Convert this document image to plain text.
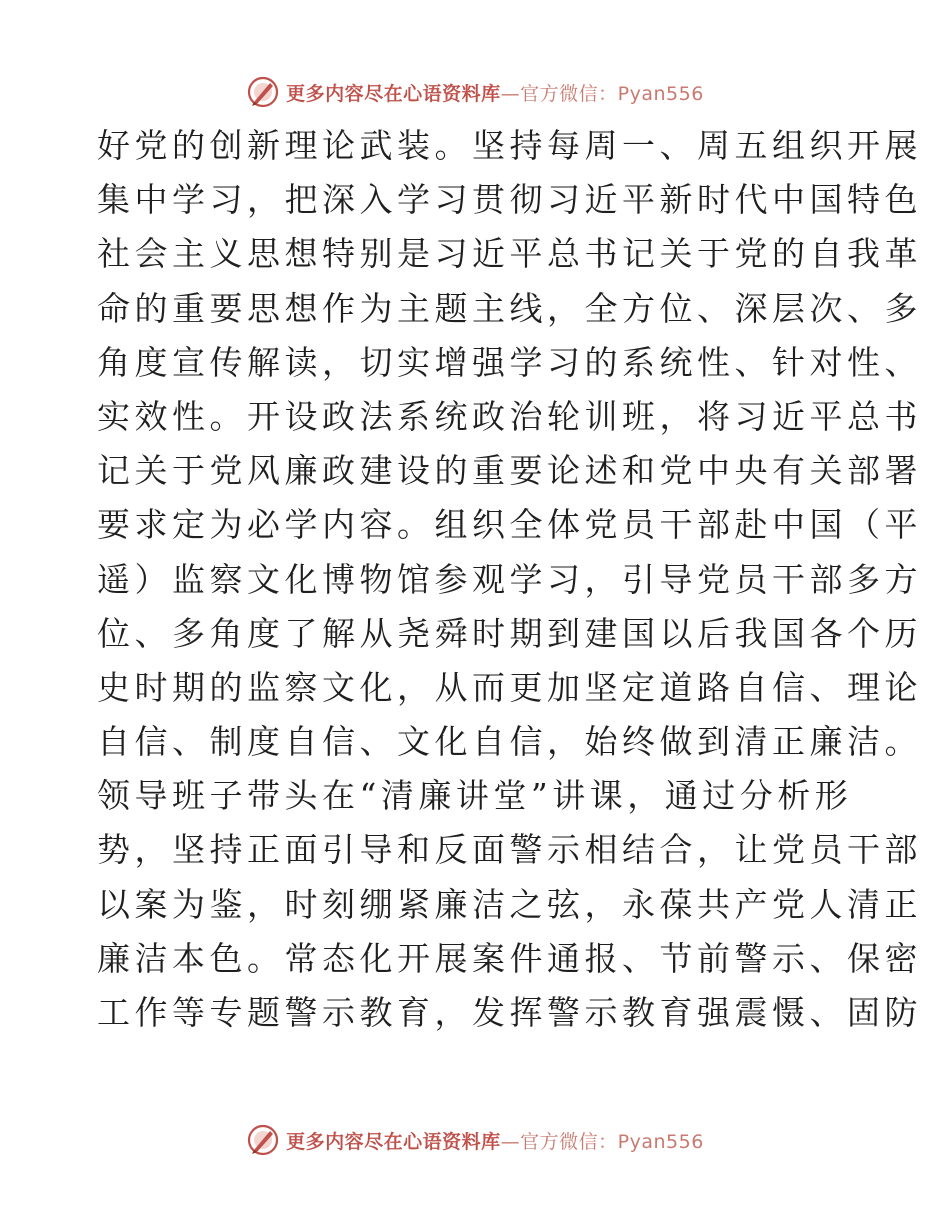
更多内容尽在心语资料库—官方微信：Pyan556
好党的创新理论武装。坚持每周一、周五组织开展
集中学习，把深入学习贯彻习近平新时代中国特色
社会主义思想特别是习近平总书记关于党的自我革
命的重要思想作为主题主线，全方位、深层次、多
角度宣传解读，切实增强学习的系统性、针对性、
实效性。开设政法系统政治轮训班，将习近平总书
记关于党风廉政建设的重要论述和党中央有关部署
要求定为必学内容。组织全体党员干部赴中国（平
遥）监察文化博物馆参观学习，引导党员干部多方
位、多角度了解从尧舜时期到建国以后我国各个历
史时期的监察文化，从而更加坚定道路自信、理论
自信、制度自信、文化自信，始终做到清正廉洁。
领导班子带头在“清廉讲堂”讲课，通过分析形
势，坚持正面引导和反面警示相结合，让党员干部
以案为鉴，时刻绷紧廉洁之弦，永葆共产党人清正
廉洁本色。常态化开展案件通报、节前警示、保密
工作等专题警示教育，发挥警示教育强震慑、固防
更多内容尽在心语资料库—官方微信：Pyan556
